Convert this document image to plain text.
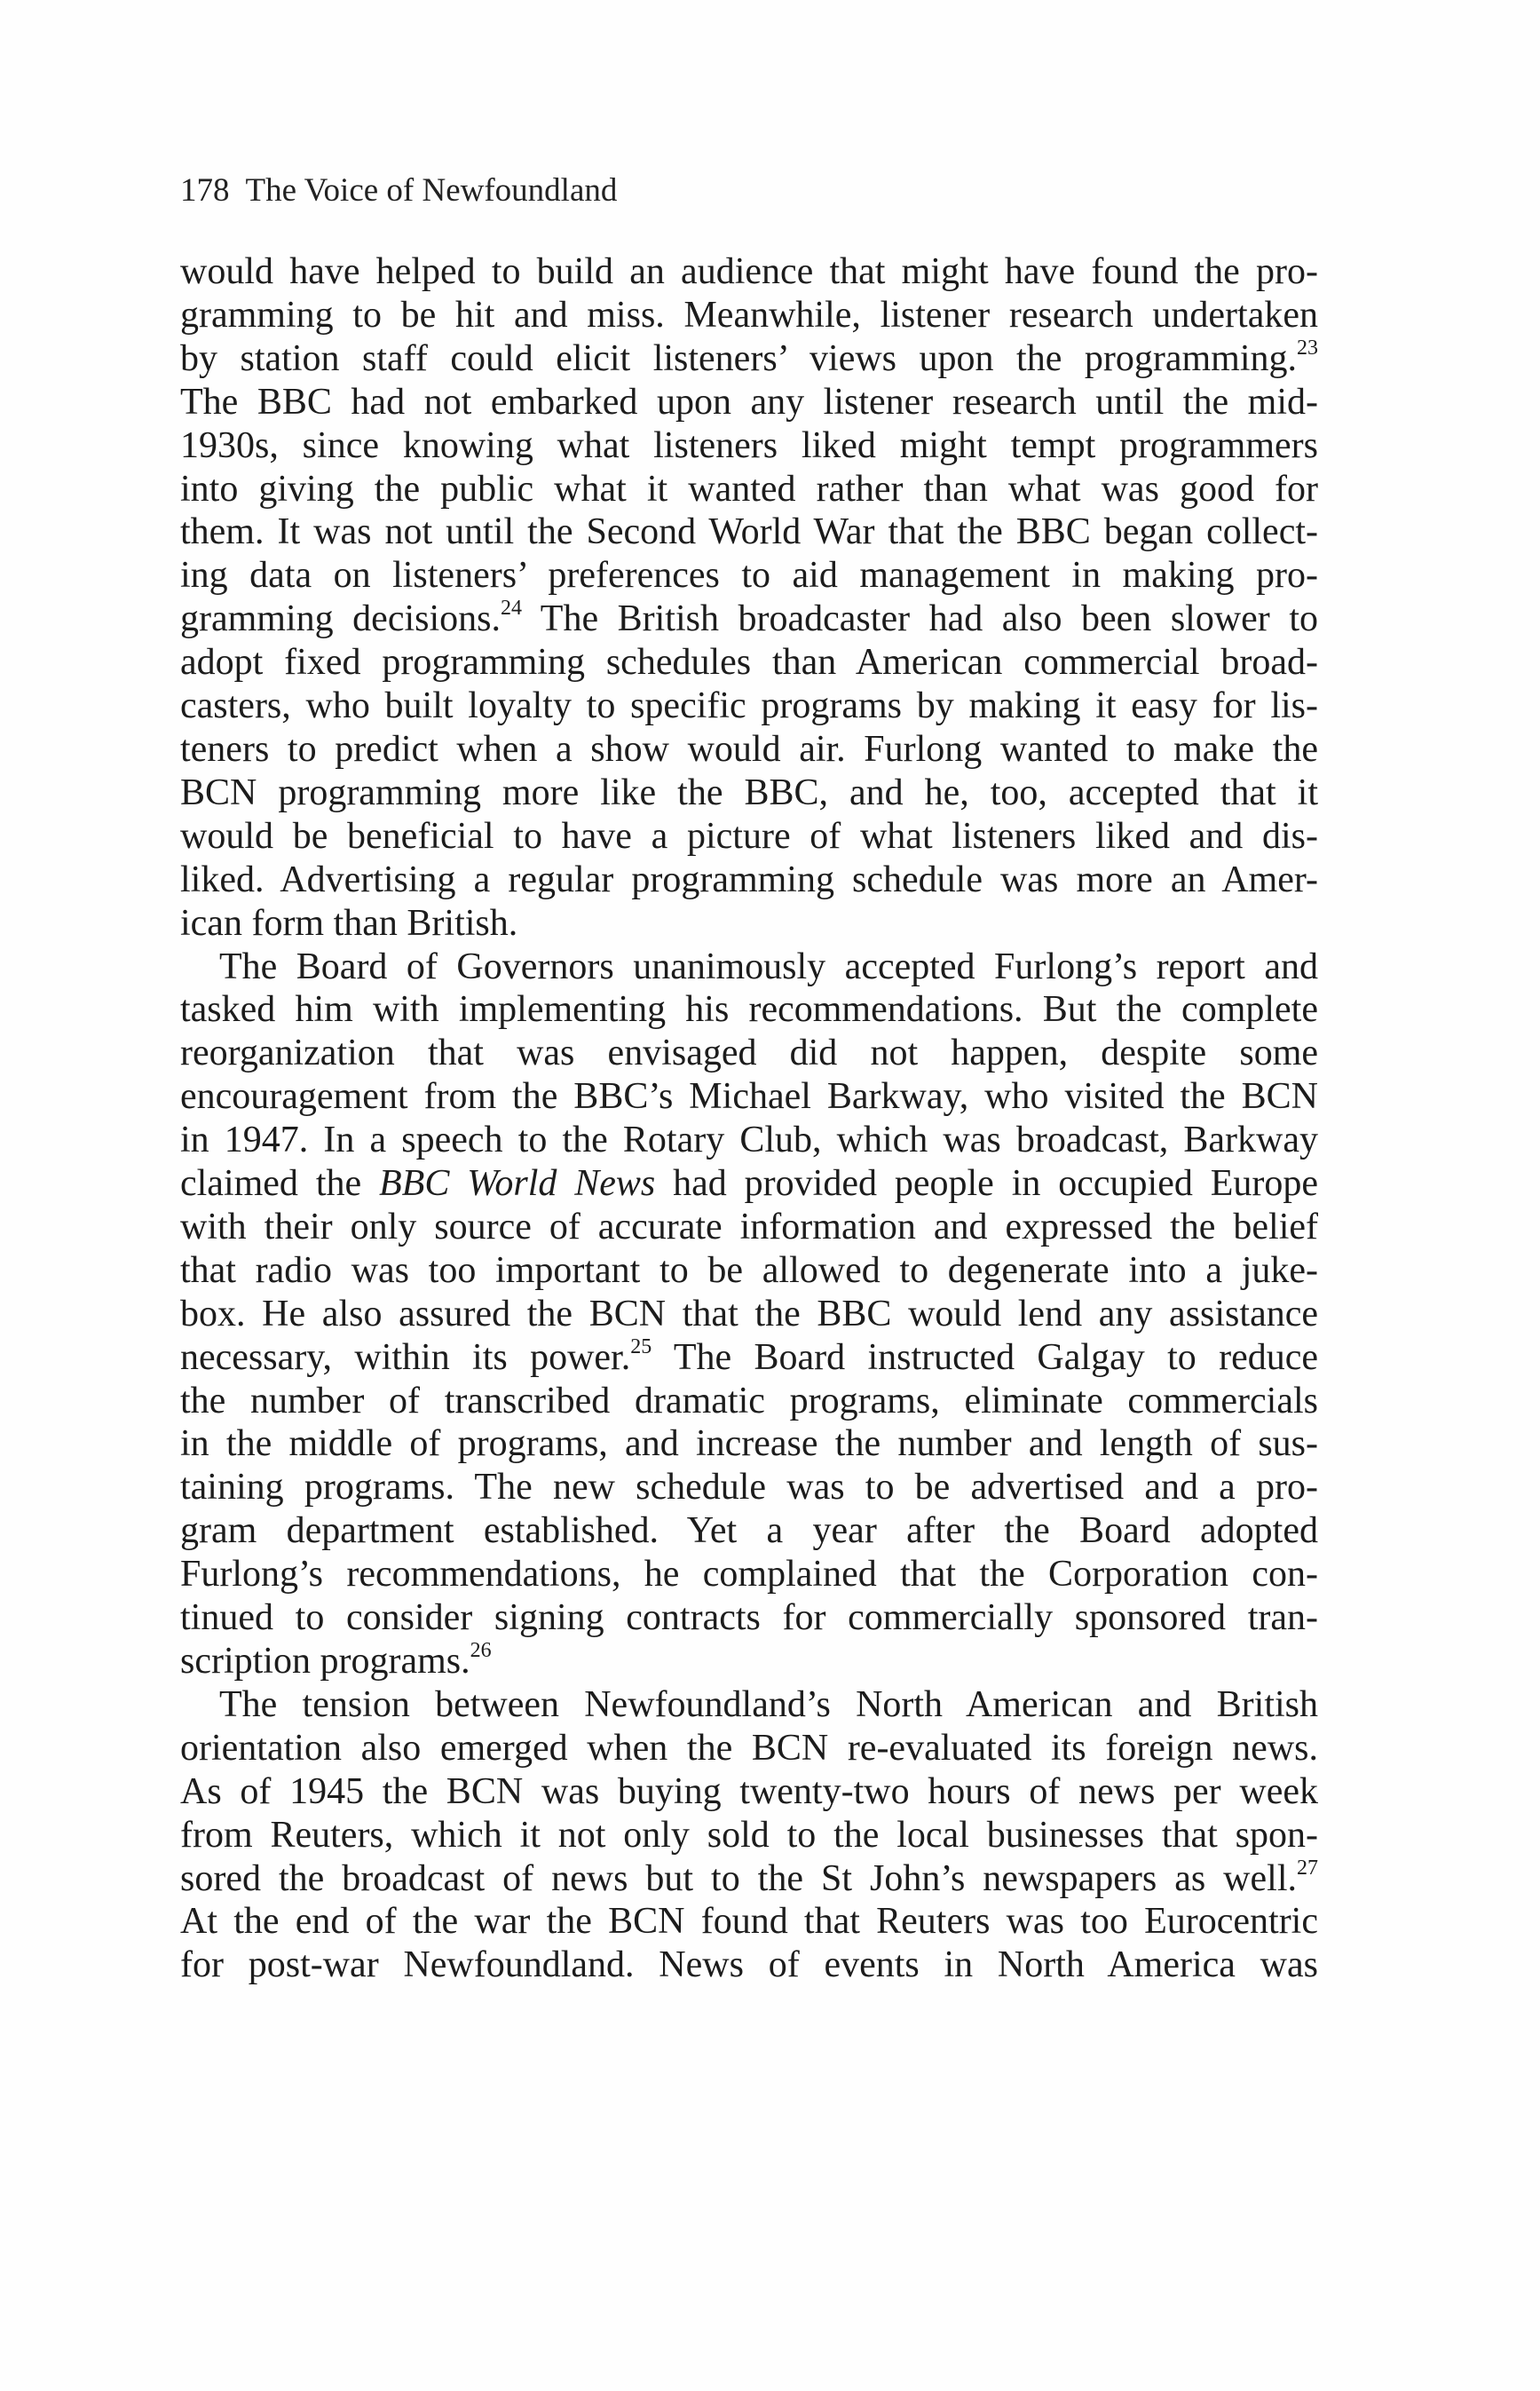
178 The Voice of Newfoundland

would have helped to build an audience that might have found the pro-
gramming to be hit and miss. Meanwhile, listener research undertaken
by station staff could elicit listeners’ views upon the programming.$^{23}$
The BBC had not embarked upon any listener research until the mid-
1930s, since knowing what listeners liked might tempt programmers
into giving the public what it wanted rather than what was good for
them. It was not until the Second World War that the BBC began collect-
ing data on listeners’ preferences to aid management in making pro-
gramming decisions.$^{24}$ The British broadcaster had also been slower to
adopt fixed programming schedules than American commercial broad-
casters, who built loyalty to specific programs by making it easy for lis-
teners to predict when a show would air. Furlong wanted to make the
BCN programming more like the BBC, and he, too, accepted that it
would be beneficial to have a picture of what listeners liked and dis-
liked. Advertising a regular programming schedule was more an Amer-
ican form than British.

The Board of Governors unanimously accepted Furlong’s report and
tasked him with implementing his recommendations. But the complete
reorganization that was envisaged did not happen, despite some
encouragement from the BBC’s Michael Barkway, who visited the BCN
in 1947. In a speech to the Rotary Club, which was broadcast, Barkway
claimed the BBC World News had provided people in occupied Europe
with their only source of accurate information and expressed the belief
that radio was too important to be allowed to degenerate into a juke-
box. He also assured the BCN that the BBC would lend any assistance
necessary, within its power.$^{25}$ The Board instructed Galgay to reduce
the number of transcribed dramatic programs, eliminate commercials
in the middle of programs, and increase the number and length of sus-
taining programs. The new schedule was to be advertised and a pro-
gram department established. Yet a year after the Board adopted
Furlong’s recommendations, he complained that the Corporation con-
tinued to consider signing contracts for commercially sponsored tran-
scription programs.$^{26}$

The tension between Newfoundland’s North American and British
orientation also emerged when the BCN re-evaluated its foreign news.
As of 1945 the BCN was buying twenty-two hours of news per week
from Reuters, which it not only sold to the local businesses that spon-
sored the broadcast of news but to the St John’s newspapers as well.$^{27}$
At the end of the war the BCN found that Reuters was too Eurocentric
for post-war Newfoundland. News of events in North America was
